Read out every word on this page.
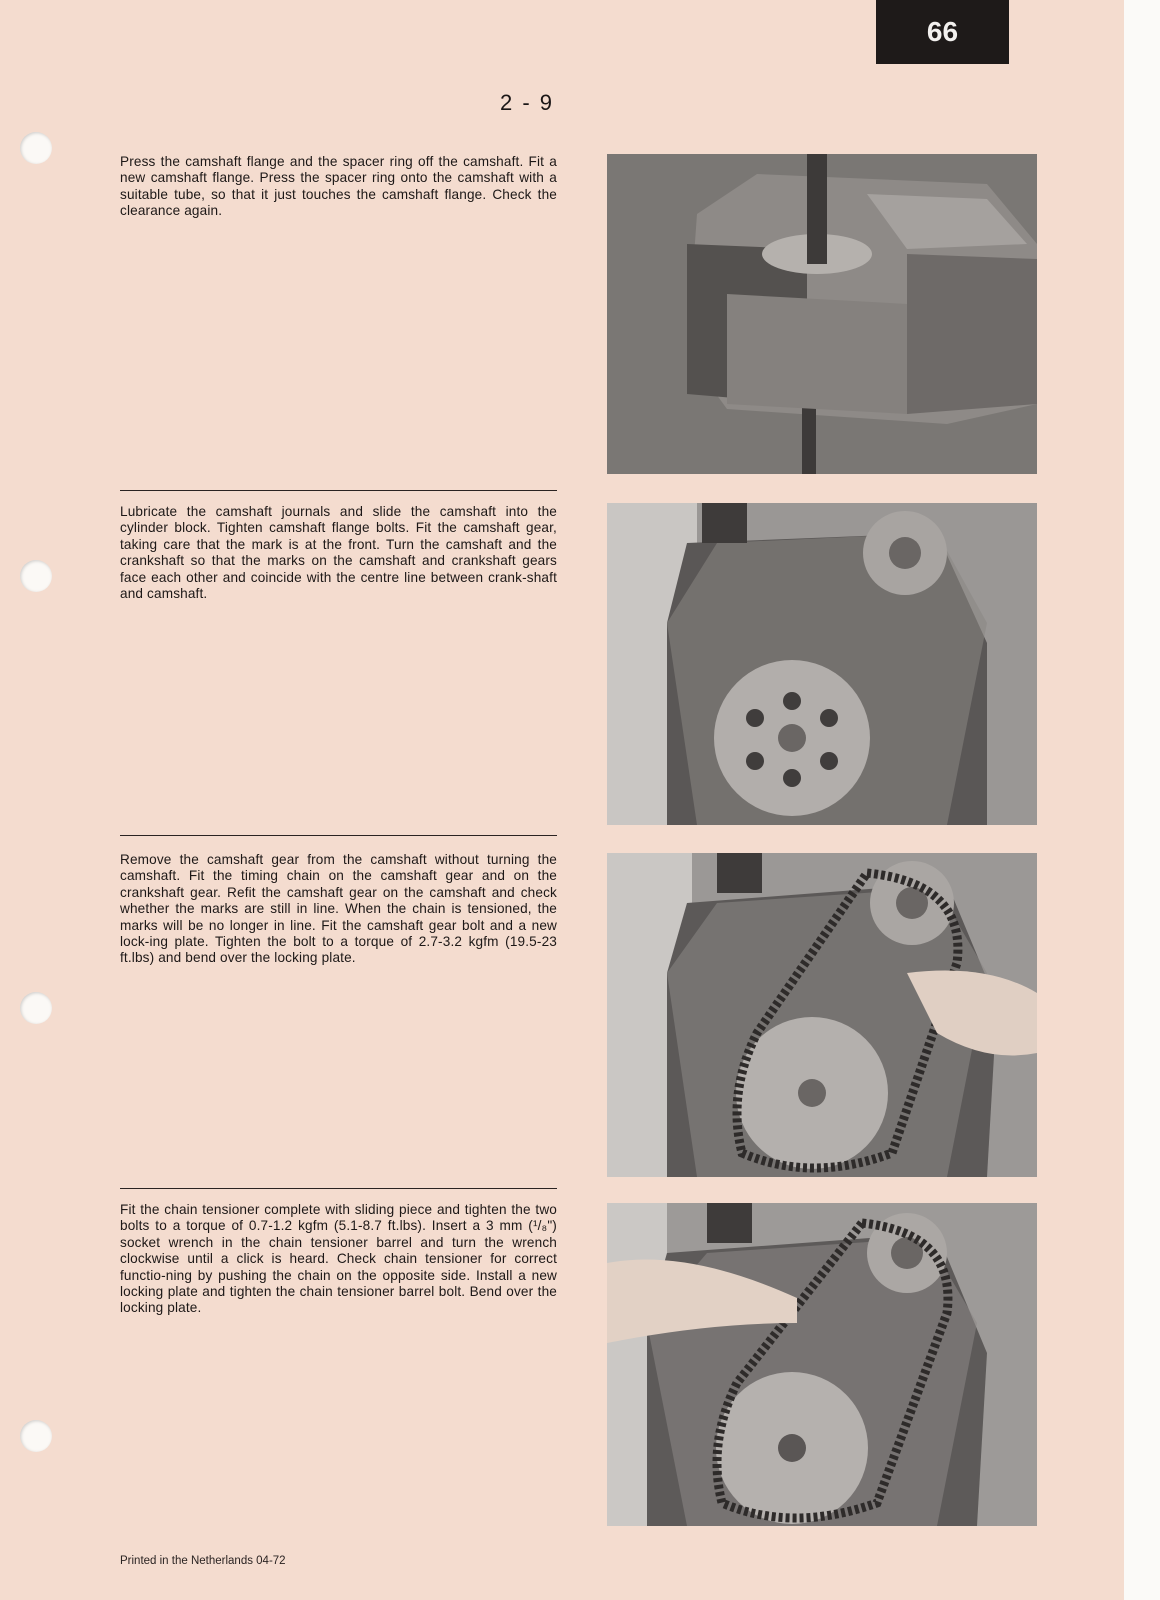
66
2 - 9
Press the camshaft flange and the spacer ring off the camshaft. Fit a new camshaft flange. Press the spacer ring onto the camshaft with a suitable tube, so that it just touches the camshaft flange. Check the clearance again.
Lubricate the camshaft journals and slide the camshaft into the cylinder block. Tighten camshaft flange bolts. Fit the camshaft gear, taking care that the mark is at the front. Turn the camshaft and the crankshaft so that the marks on the camshaft and crankshaft gears face each other and coincide with the centre line between crank-shaft and camshaft.
Remove the camshaft gear from the camshaft without turning the camshaft. Fit the timing chain on the camshaft gear and on the crankshaft gear. Refit the camshaft gear on the camshaft and check whether the marks are still in line. When the chain is tensioned, the marks will be no longer in line. Fit the camshaft gear bolt and a new lock-ing plate. Tighten the bolt to a torque of 2.7-3.2 kgfm (19.5-23 ft.lbs) and bend over the locking plate.
Fit the chain tensioner complete with sliding piece and tighten the two bolts to a torque of 0.7-1.2 kgfm (5.1-8.7 ft.lbs). Insert a 3 mm (¹/₈") socket wrench in the chain tensioner barrel and turn the wrench clockwise until a click is heard. Check chain tensioner for correct functio-ning by pushing the chain on the opposite side. Install a new locking plate and tighten the chain tensioner barrel bolt. Bend over the locking plate.
Printed in the Netherlands 04-72
